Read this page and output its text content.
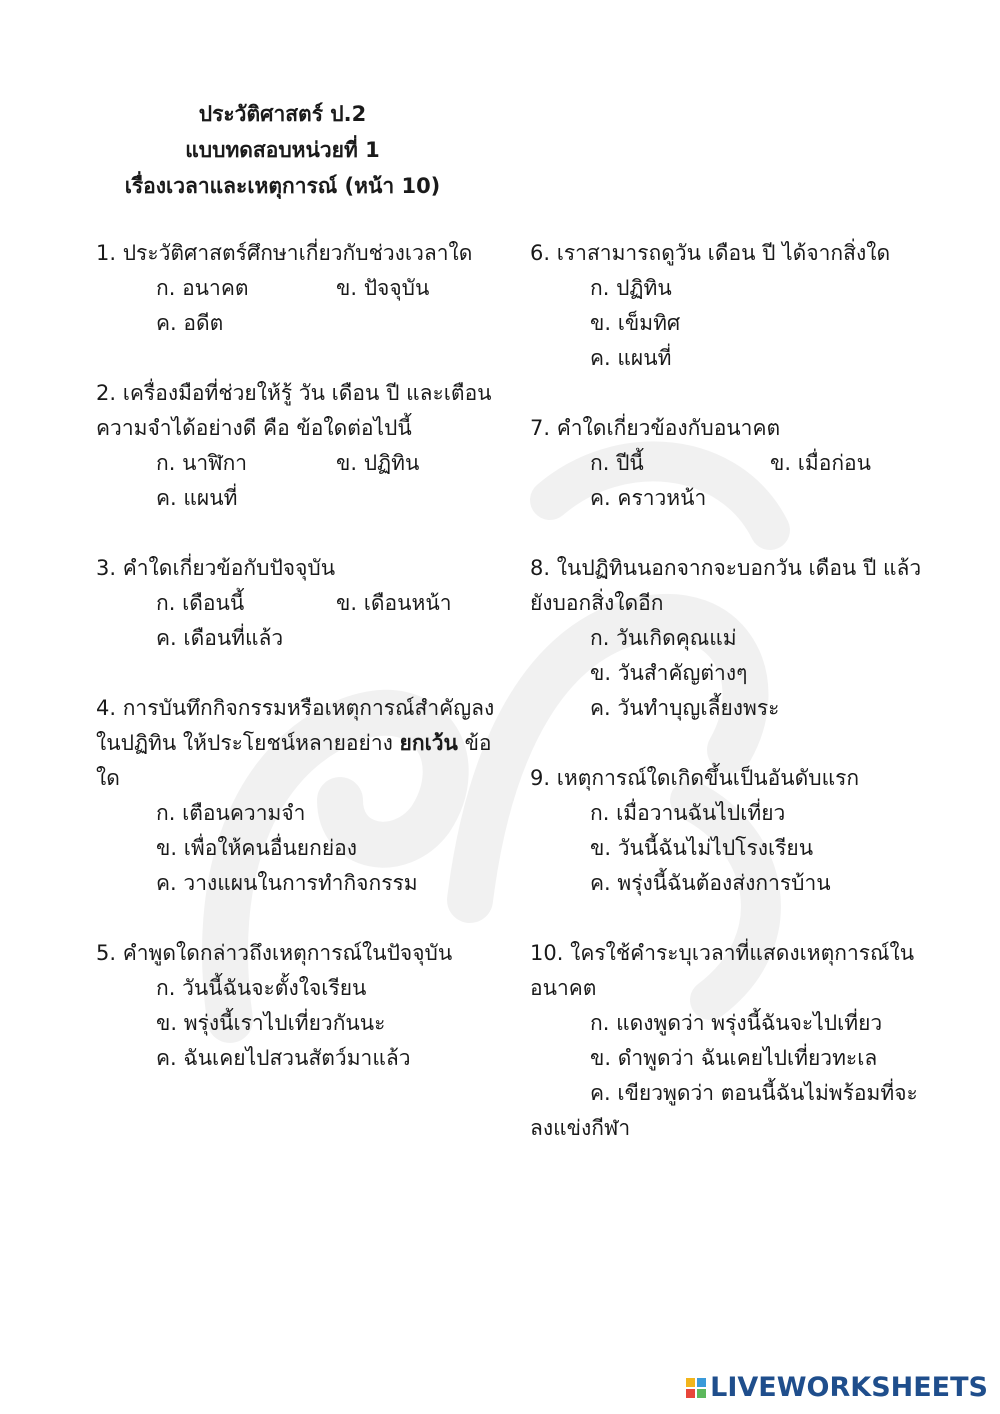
ประวัติศาสตร์ ป.2
แบบทดสอบหน่วยที่ 1
เรื่องเวลาและเหตุการณ์ (หน้า 10)
1. ประวัติศาสตร์ศึกษาเกี่ยวกับช่วงเวลาใด
ก. อนาคต	ข. ปัจจุบัน
ค. อดีต
2. เครื่องมือที่ช่วยให้รู้ วัน เดือน ปี และเตือนความจำได้อย่างดี คือ ข้อใดต่อไปนี้
ก. นาฬิกา	ข. ปฏิทิน
ค. แผนที่
3. คำใดเกี่ยวข้อกับปัจจุบัน
ก. เดือนนี้	ข. เดือนหน้า
ค. เดือนที่แล้ว
4. การบันทึกกิจกรรมหรือเหตุการณ์สำคัญลงในปฏิทิน ให้ประโยชน์หลายอย่าง ยกเว้น ข้อใด
ก. เตือนความจำ
ข. เพื่อให้คนอื่นยกย่อง
ค. วางแผนในการทำกิจกรรม
5. คำพูดใดกล่าวถึงเหตุการณ์ในปัจจุบัน
ก. วันนี้ฉันจะตั้งใจเรียน
ข. พรุ่งนี้เราไปเที่ยวกันนะ
ค. ฉันเคยไปสวนสัตว์มาแล้ว
6. เราสามารถดูวัน เดือน ปี ได้จากสิ่งใด
ก. ปฏิทิน
ข. เข็มทิศ
ค. แผนที่
7. คำใดเกี่ยวข้องกับอนาคต
ก. ปีนี้	ข. เมื่อก่อน
ค. คราวหน้า
8. ในปฏิทินนอกจากจะบอกวัน เดือน ปี แล้วยังบอกสิ่งใดอีก
ก. วันเกิดคุณแม่
ข. วันสำคัญต่างๆ
ค. วันทำบุญเลี้ยงพระ
9. เหตุการณ์ใดเกิดขึ้นเป็นอันดับแรก
ก. เมื่อวานฉันไปเที่ยว
ข. วันนี้ฉันไม่ไปโรงเรียน
ค. พรุ่งนี้ฉันต้องส่งการบ้าน
10. ใครใช้คำระบุเวลาที่แสดงเหตุการณ์ในอนาคต
ก. แดงพูดว่า พรุ่งนี้ฉันจะไปเที่ยว
ข. ดำพูดว่า ฉันเคยไปเที่ยวทะเล
ค. เขียวพูดว่า ตอนนี้ฉันไม่พร้อมที่จะลงแข่งกีฬา
LIVEWORKSHEETS
